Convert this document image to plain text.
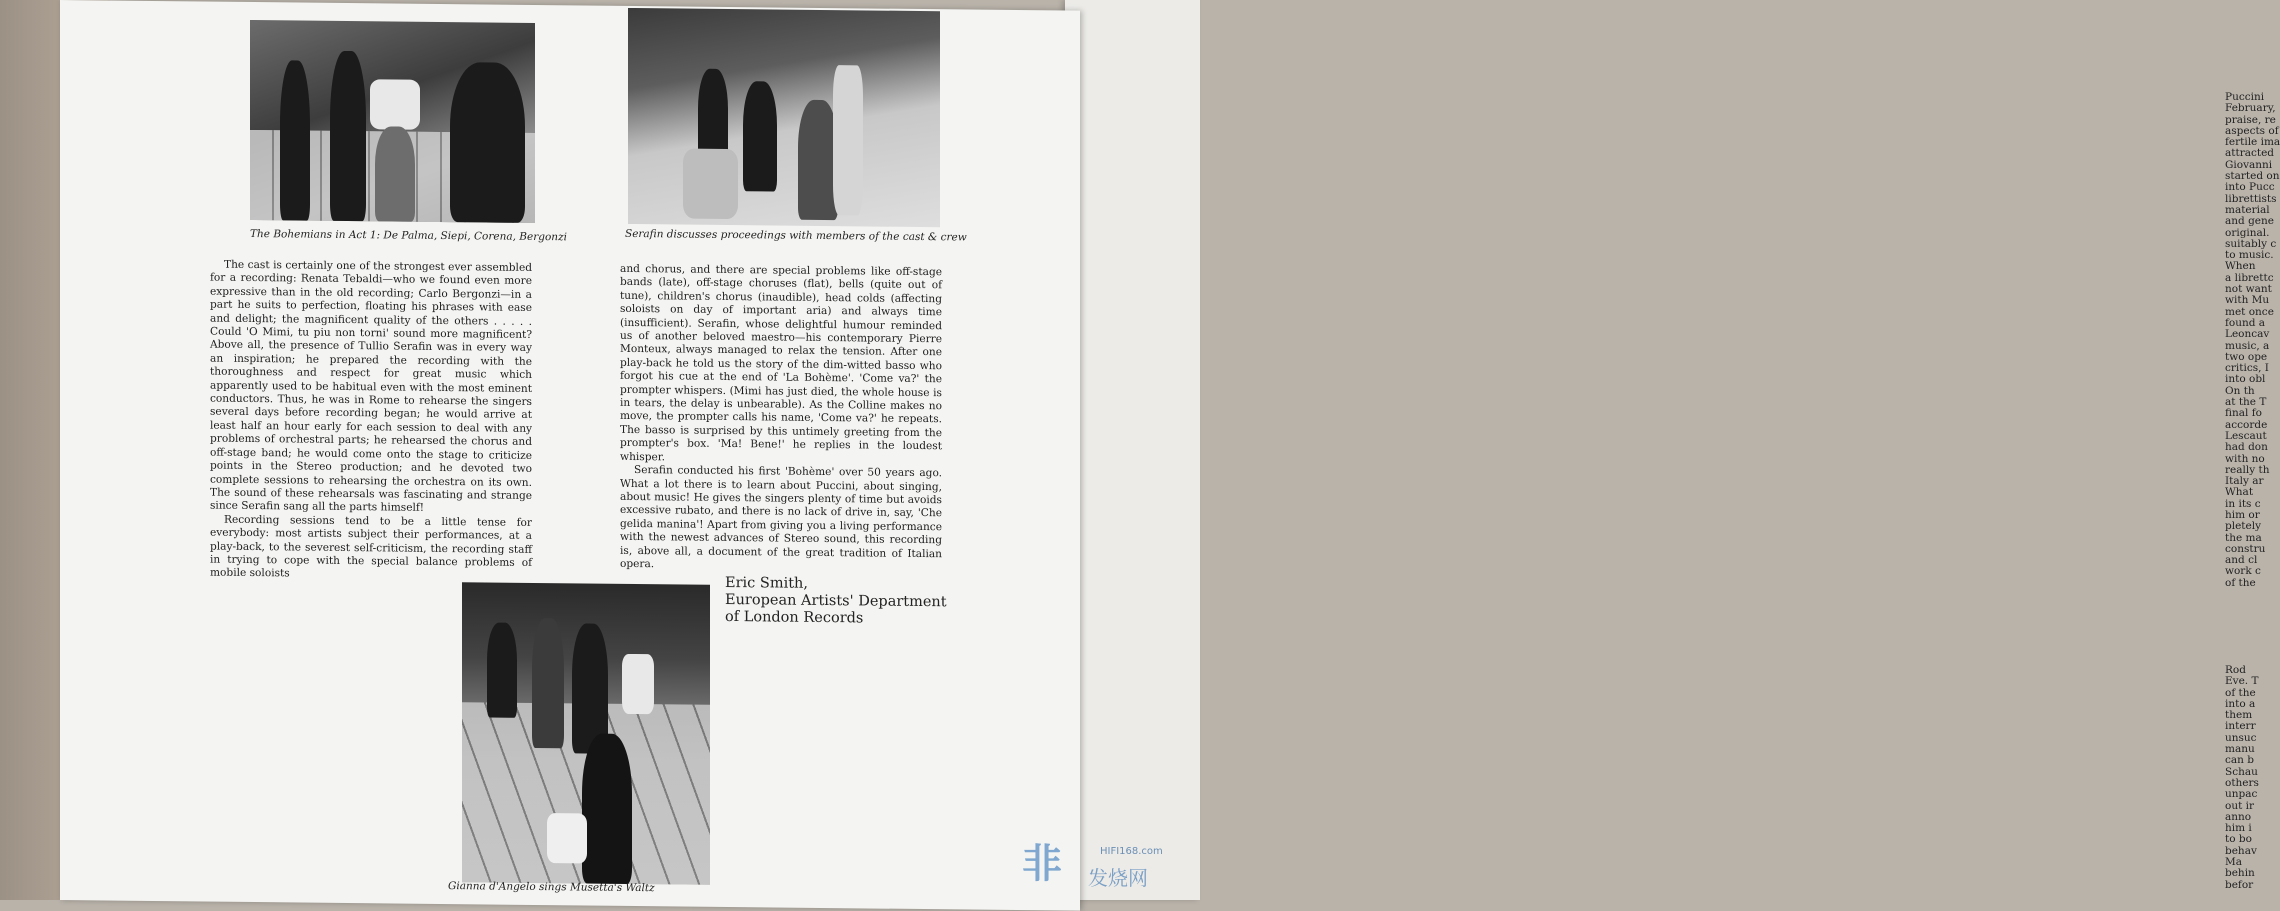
Puccini
February,
praise, re
aspects of
fertile ima
attracted
Giovanni
started on
into Pucc
librettists
material
and gene
original.
suitably c
to music.
When
a librettc
not want
with Mu
met once
found a
Leoncav
music, a
two ope
critics, I
into obl
On th
at the T
final fo
accorde
Lescaut
had don
with no
really th
Italy ar
What
in its c
him or
pletely
the ma
constru
and cl
work c
of the
Rod
Eve. T
of the
into a
them
interr
unsuc
manu
can b
Schau
others
unpac
out ir
anno
him i
to bo
behav
Ma
behin
befor
The Bohemians in Act 1: De Palma, Siepi, Corena, Bergonzi	Serafin discusses proceedings with members of the cast & crew

The cast is certainly one of the strongest ever assembled for a recording: Renata Tebaldi—who we found even more expressive than in the old recording; Carlo Bergonzi—in a part he suits to perfection, floating his phrases with ease and delight; the magnificent quality of the others . . . . . Could 'O Mimi, tu piu non torni' sound more magnificent? Above all, the presence of Tullio Serafin was in every way an inspiration; he prepared the recording with the thoroughness and respect for great music which apparently used to be habitual even with the most eminent conductors. Thus, he was in Rome to rehearse the singers several days before recording began; he would arrive at least half an hour early for each session to deal with any problems of orchestral parts; he rehearsed the chorus and off-stage band; he would come onto the stage to criticize points in the Stereo production; and he devoted two complete sessions to rehearsing the orchestra on its own. The sound of these rehearsals was fascinating and strange since Serafin sang all the parts himself!

Recording sessions tend to be a little tense for everybody: most artists subject their performances, at a play-back, to the severest self-criticism, the recording staff in trying to cope with the special balance problems of mobile soloists

and chorus, and there are special problems like off-stage bands (late), off-stage choruses (flat), bells (quite out of tune), children's chorus (inaudible), head colds (affecting soloists on day of important aria) and always time (insufficient). Serafin, whose delightful humour reminded us of another beloved maestro—his contemporary Pierre Monteux, always managed to relax the tension. After one play-back he told us the story of the dim-witted basso who forgot his cue at the end of 'La Bohème'. 'Come va?' the prompter whispers. (Mimi has just died, the whole house is in tears, the delay is unbearable). As the Colline makes no move, the prompter calls his name, 'Come va?' he repeats. The basso is surprised by this untimely greeting from the prompter's box. 'Ma! Bene!' he replies in the loudest whisper.

Serafin conducted his first 'Bohème' over 50 years ago. What a lot there is to learn about Puccini, about singing, about music! He gives the singers plenty of time but avoids excessive rubato, and there is no lack of drive in, say, 'Che gelida manina'! Apart from giving you a living performance with the newest advances of Stereo sound, this recording is, above all, a document of the great tradition of Italian opera.

Gianna d'Angelo sings Musetta's Waltz
Eric Smith,
European Artists' Department
of London Records
非	HIFI168.com
发烧网
